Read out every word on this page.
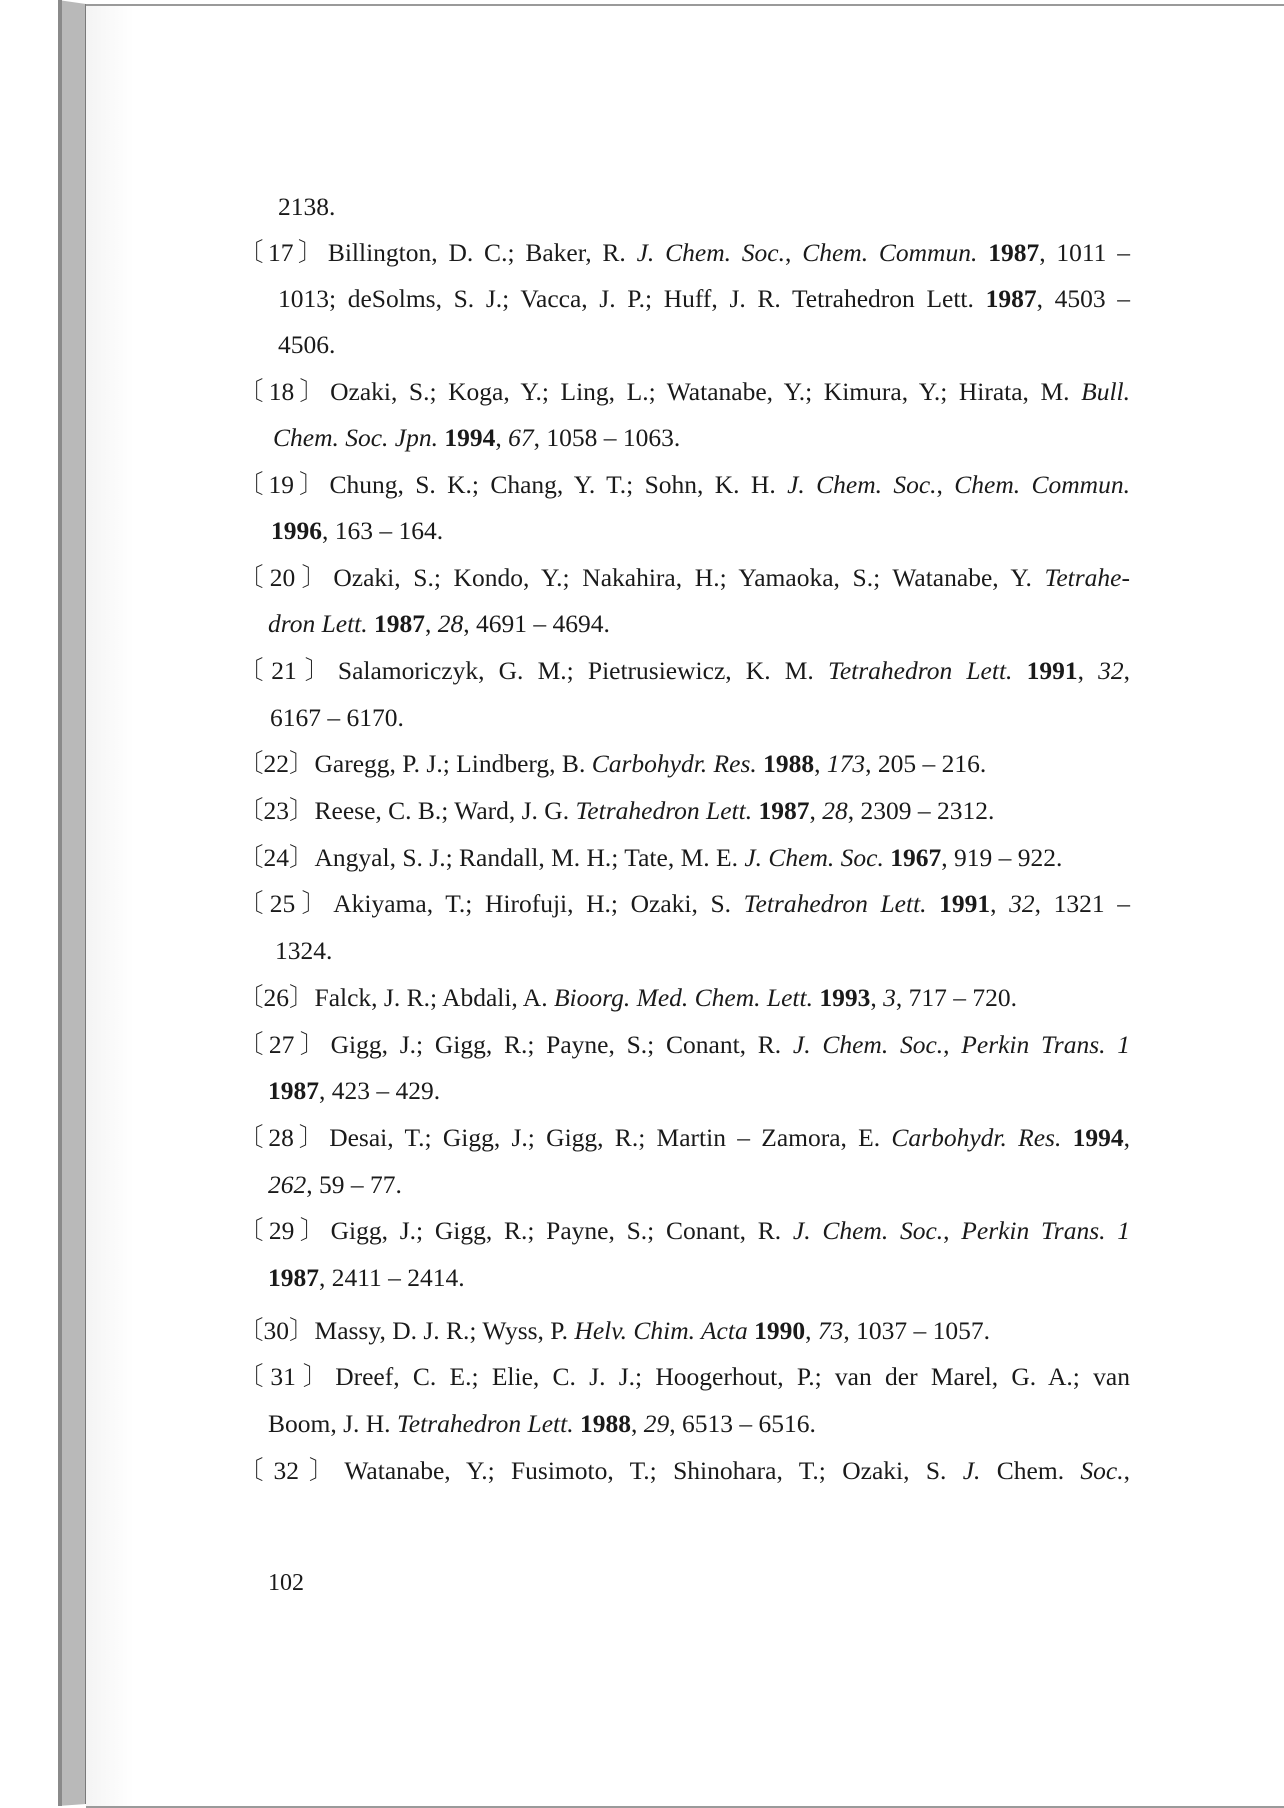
2138.
〔17〕Billington, D. C.; Baker, R. J. Chem. Soc., Chem. Commun. 1987, 1011 –
1013; deSolms, S. J.; Vacca, J. P.; Huff, J. R. Tetrahedron Lett. 1987, 4503 –
4506.
〔18〕Ozaki, S.; Koga, Y.; Ling, L.; Watanabe, Y.; Kimura, Y.; Hirata, M. Bull.
Chem. Soc. Jpn. 1994, 67, 1058 – 1063.
〔19〕Chung, S. K.; Chang, Y. T.; Sohn, K. H. J. Chem. Soc., Chem. Commun.
1996, 163 – 164.
〔20〕Ozaki, S.; Kondo, Y.; Nakahira, H.; Yamaoka, S.; Watanabe, Y. Tetrahe-
dron Lett. 1987, 28, 4691 – 4694.
〔21〕Salamoriczyk, G. M.; Pietrusiewicz, K. M. Tetrahedron Lett. 1991, 32,
6167 – 6170.
〔22〕Garegg, P. J.; Lindberg, B. Carbohydr. Res. 1988, 173, 205 – 216.
〔23〕Reese, C. B.; Ward, J. G. Tetrahedron Lett. 1987, 28, 2309 – 2312.
〔24〕Angyal, S. J.; Randall, M. H.; Tate, M. E. J. Chem. Soc. 1967, 919 – 922.
〔25〕Akiyama, T.; Hirofuji, H.; Ozaki, S. Tetrahedron Lett. 1991, 32, 1321 –
1324.
〔26〕Falck, J. R.; Abdali, A. Bioorg. Med. Chem. Lett. 1993, 3, 717 – 720.
〔27〕Gigg, J.; Gigg, R.; Payne, S.; Conant, R. J. Chem. Soc., Perkin Trans. 1
1987, 423 – 429.
〔28〕Desai, T.; Gigg, J.; Gigg, R.; Martin – Zamora, E. Carbohydr. Res. 1994,
262, 59 – 77.
〔29〕Gigg, J.; Gigg, R.; Payne, S.; Conant, R. J. Chem. Soc., Perkin Trans. 1
1987, 2411 – 2414.
〔30〕Massy, D. J. R.; Wyss, P. Helv. Chim. Acta 1990, 73, 1037 – 1057.
〔31〕Dreef, C. E.; Elie, C. J. J.; Hoogerhout, P.; van der Marel, G. A.; van
Boom, J. H. Tetrahedron Lett. 1988, 29, 6513 – 6516.
〔32〕Watanabe, Y.; Fusimoto, T.; Shinohara, T.; Ozaki, S. J. Chem. Soc.,
102
